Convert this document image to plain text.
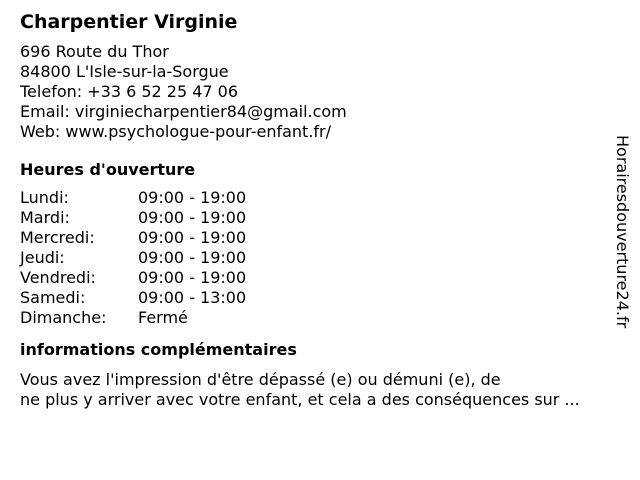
Charpentier Virginie
696 Route du Thor
84800 L'Isle-sur-la-Sorgue
Telefon: +33 6 52 25 47 06
Email: virginiecharpentier84@gmail.com
Web: www.psychologue-pour-enfant.fr/
Heures d'ouverture
Lundi:	09:00 - 19:00
Mardi:	09:00 - 19:00
Mercredi:	09:00 - 19:00
Jeudi:	09:00 - 19:00
Vendredi:	09:00 - 19:00
Samedi:	09:00 - 13:00
Dimanche:	Fermé
informations complémentaires

Vous avez l'impression d'être dépassé (e) ou démuni (e), de

ne plus y arriver avec votre enfant, et cela a des conséquences sur ...

Horairesdouverture24.fr
